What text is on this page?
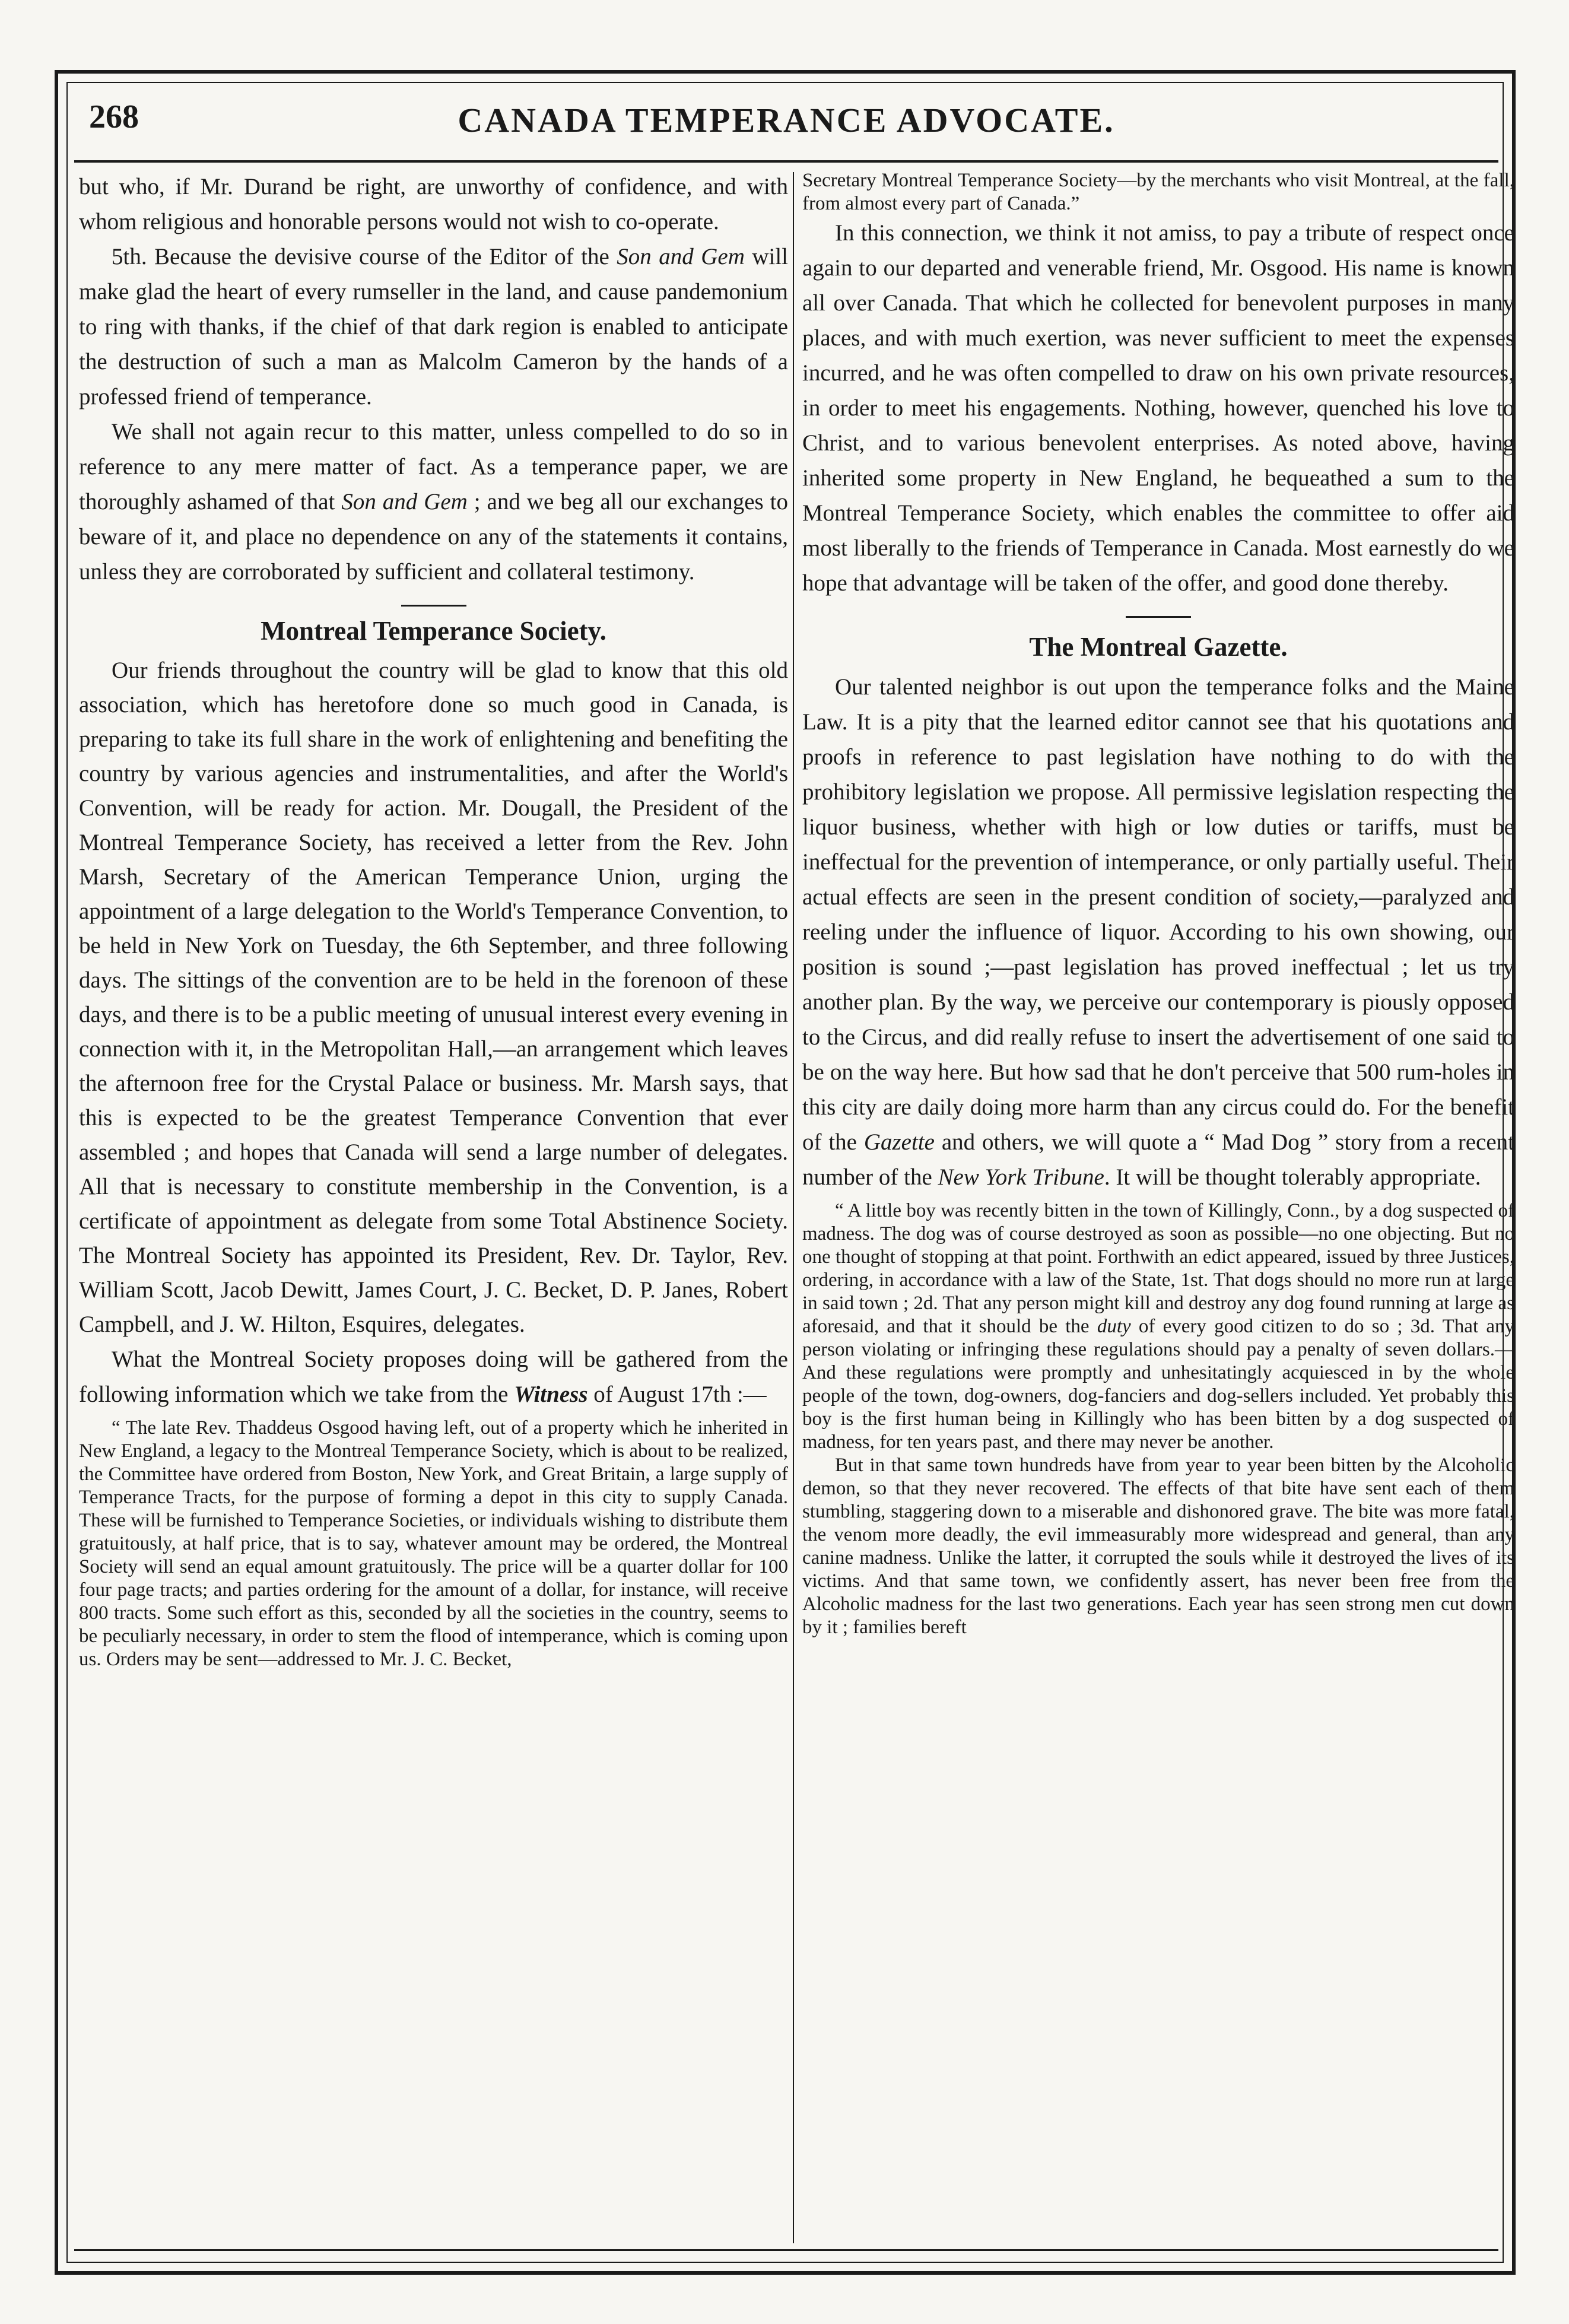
268	CANADA TEMPERANCE ADVOCATE.

but who, if Mr. Durand be right, are unworthy of confidence, and with whom religious and honorable persons would not wish to co-operate.

5th. Because the devisive course of the Editor of the Son and Gem will make glad the heart of every rumseller in the land, and cause pandemonium to ring with thanks, if the chief of that dark region is enabled to anticipate the destruction of such a man as Malcolm Cameron by the hands of a professed friend of temperance.

We shall not again recur to this matter, unless compelled to do so in reference to any mere matter of fact. As a temperance paper, we are thoroughly ashamed of that Son and Gem ; and we beg all our exchanges to beware of it, and place no dependence on any of the statements it contains, unless they are corroborated by sufficient and collateral testimony.

Montreal Temperance Society.

Our friends throughout the country will be glad to know that this old association, which has heretofore done so much good in Canada, is preparing to take its full share in the work of enlightening and benefiting the country by various agencies and instrumentalities, and after the World's Convention, will be ready for action. Mr. Dougall, the President of the Montreal Temperance Society, has received a letter from the Rev. John Marsh, Secretary of the American Temperance Union, urging the appointment of a large delegation to the World's Temperance Convention, to be held in New York on Tuesday, the 6th September, and three following days. The sittings of the convention are to be held in the forenoon of these days, and there is to be a public meeting of unusual interest every evening in connection with it, in the Metropolitan Hall,—an arrangement which leaves the afternoon free for the Crystal Palace or business. Mr. Marsh says, that this is expected to be the greatest Temperance Convention that ever assembled ; and hopes that Canada will send a large number of delegates. All that is necessary to constitute membership in the Convention, is a certificate of appointment as delegate from some Total Abstinence Society. The Montreal Society has appointed its President, Rev. Dr. Taylor, Rev. William Scott, Jacob Dewitt, James Court, J. C. Becket, D. P. Janes, Robert Campbell, and J. W. Hilton, Esquires, delegates.

What the Montreal Society proposes doing will be gathered from the following information which we take from the Witness of August 17th :—

“ The late Rev. Thaddeus Osgood having left, out of a property which he inherited in New England, a legacy to the Montreal Temperance Society, which is about to be realized, the Committee have ordered from Boston, New York, and Great Britain, a large supply of Temperance Tracts, for the purpose of forming a depot in this city to supply Canada. These will be furnished to Temperance Societies, or individuals wishing to distribute them gratuitously, at half price, that is to say, whatever amount may be ordered, the Montreal Society will send an equal amount gratuitously. The price will be a quarter dollar for 100 four page tracts; and parties ordering for the amount of a dollar, for instance, will receive 800 tracts. Some such effort as this, seconded by all the societies in the country, seems to be peculiarly necessary, in order to stem the flood of intemperance, which is coming upon us. Orders may be sent—addressed to Mr. J. C. Becket,

Secretary Montreal Temperance Society—by the merchants who visit Montreal, at the fall, from almost every part of Canada.”

In this connection, we think it not amiss, to pay a tribute of respect once again to our departed and venerable friend, Mr. Osgood. His name is known all over Canada. That which he collected for benevolent purposes in many places, and with much exertion, was never sufficient to meet the expenses incurred, and he was often compelled to draw on his own private resources, in order to meet his engagements. Nothing, however, quenched his love to Christ, and to various benevolent enterprises. As noted above, having inherited some property in New England, he bequeathed a sum to the Montreal Temperance Society, which enables the committee to offer aid most liberally to the friends of Temperance in Canada. Most earnestly do we hope that advantage will be taken of the offer, and good done thereby.

The Montreal Gazette.

Our talented neighbor is out upon the temperance folks and the Maine Law. It is a pity that the learned editor cannot see that his quotations and proofs in reference to past legislation have nothing to do with the prohibitory legislation we propose. All permissive legislation respecting the liquor business, whether with high or low duties or tariffs, must be ineffectual for the prevention of intemperance, or only partially useful. Their actual effects are seen in the present condition of society,—paralyzed and reeling under the influence of liquor. According to his own showing, our position is sound ;—past legislation has proved ineffectual ; let us try another plan. By the way, we perceive our contemporary is piously opposed to the Circus, and did really refuse to insert the advertisement of one said to be on the way here. But how sad that he don't perceive that 500 rum-holes in this city are daily doing more harm than any circus could do. For the benefit of the Gazette and others, we will quote a “ Mad Dog ” story from a recent number of the New York Tribune. It will be thought tolerably appropriate.

“ A little boy was recently bitten in the town of Killingly, Conn., by a dog suspected of madness. The dog was of course destroyed as soon as possible—no one objecting. But no one thought of stopping at that point. Forthwith an edict appeared, issued by three Justices, ordering, in accordance with a law of the State, 1st. That dogs should no more run at large in said town ; 2d. That any person might kill and destroy any dog found running at large as aforesaid, and that it should be the duty of every good citizen to do so ; 3d. That any person violating or infringing these regulations should pay a penalty of seven dollars.—And these regulations were promptly and unhesitatingly acquiesced in by the whole people of the town, dog-owners, dog-fanciers and dog-sellers included. Yet probably this boy is the first human being in Killingly who has been bitten by a dog suspected of madness, for ten years past, and there may never be another.

But in that same town hundreds have from year to year been bitten by the Alcoholic demon, so that they never recovered. The effects of that bite have sent each of them stumbling, staggering down to a miserable and dishonored grave. The bite was more fatal, the venom more deadly, the evil immeasurably more widespread and general, than any canine madness. Unlike the latter, it corrupted the souls while it destroyed the lives of its victims. And that same town, we confidently assert, has never been free from the Alcoholic madness for the last two generations. Each year has seen strong men cut down by it ; families bereft
